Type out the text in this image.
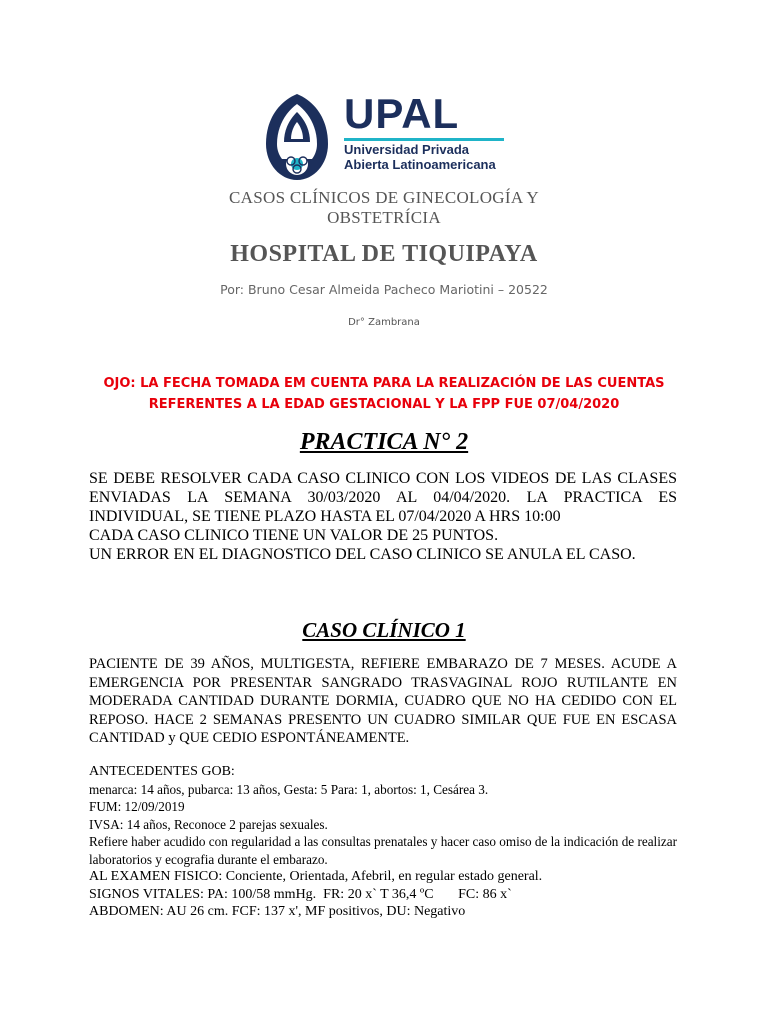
UPAL
Universidad Privada
Abierta Latinoamericana
CASOS CLÍNICOS DE GINECOLOGÍA Y
OBSTETRÍCIA
HOSPITAL DE TIQUIPAYA
Por: Bruno Cesar Almeida Pacheco Mariotini – 20522
Dr° Zambrana
OJO: LA FECHA TOMADA EM CUENTA PARA LA REALIZACIÓN DE LAS CUENTAS
REFERENTES A LA EDAD GESTACIONAL Y LA FPP FUE 07/04/2020
PRACTICA N° 2

SE DEBE RESOLVER CADA CASO CLINICO CON LOS VIDEOS DE LAS CLASES ENVIADAS LA SEMANA 30/03/2020 AL 04/04/2020. LA PRACTICA ES INDIVIDUAL, SE TIENE PLAZO HASTA EL 07/04/2020 A HRS 10:00

CADA CASO CLINICO TIENE UN VALOR DE 25 PUNTOS.

UN ERROR EN EL DIAGNOSTICO DEL CASO CLINICO SE ANULA EL CASO.

CASO CLÍNICO 1
PACIENTE DE 39 AÑOS, MULTIGESTA, REFIERE EMBARAZO DE 7 MESES. ACUDE A EMERGENCIA POR PRESENTAR SANGRADO TRASVAGINAL ROJO RUTILANTE EN MODERADA CANTIDAD DURANTE DORMIA, CUADRO QUE NO HA CEDIDO CON EL REPOSO. HACE 2 SEMANAS PRESENTO UN CUADRO SIMILAR QUE FUE EN ESCASA CANTIDAD y QUE CEDIO ESPONTÁNEAMENTE.

ANTECEDENTES GOB:

menarca: 14 años, pubarca: 13 años, Gesta: 5 Para: 1, abortos: 1, Cesárea 3.

FUM: 12/09/2019

IVSA: 14 años, Reconoce 2 parejas sexuales.

Refiere haber acudido con regularidad a las consultas prenatales y hacer caso omiso de la indicación de realizar laboratorios y ecografia durante el embarazo.

AL EXAMEN FISICO: Conciente, Orientada, Afebril, en regular estado general.

SIGNOS VITALES: PA: 100/58 mmHg.  FR: 20 x` T 36,4 ºC       FC: 86 x`

ABDOMEN: AU 26 cm. FCF: 137 x', MF positivos, DU: Negativo
